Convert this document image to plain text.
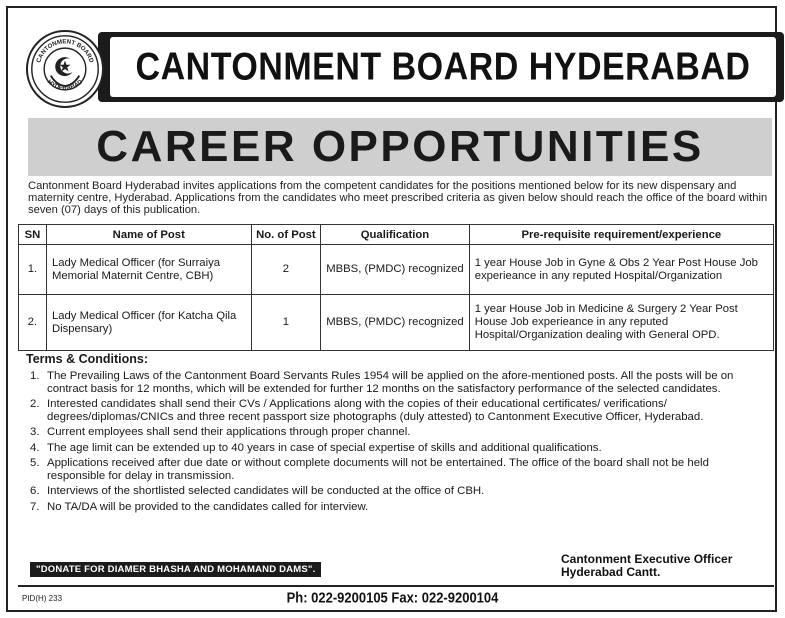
CANTONMENT BOARD
HYDERABAD CANTONMENT BOARD HYDERABAD
CAREER OPPORTUNITIES

Cantonment Board Hyderabad invites applications from the competent candidates for the positions mentioned below for its new dispensary and maternity centre, Hyderabad. Applications from the candidates who meet prescribed criteria as given below should reach the office of the board within seven (07) days of this publication.

SN	Name of Post	No. of Post	Qualification	Pre-requisite requirement/experience
1.	Lady Medical Officer (for Surraiya Memorial Maternit Centre, CBH)	2	MBBS, (PMDC) recognized	1 year House Job in Gyne & Obs 2 Year Post House Job experieance in any reputed Hospital/Organization
2.	Lady Medical Officer (for Katcha Qila Dispensary)	1	MBBS, (PMDC) recognized	1 year House Job in Medicine & Surgery 2 Year Post House Job experieance in any reputed Hospital/Organization dealing with General OPD.
Terms & Conditions:
1. The Prevailing Laws of the Cantonment Board Servants Rules 1954 will be applied on the afore-mentioned posts. All the posts will be on contract basis for 12 months, which will be extended for further 12 months on the satisfactory performance of the selected candidates.
2. Interested candidates shall send their CVs / Applications along with the copies of their educational certificates/ verifications/ degrees/diplomas/CNICs and three recent passport size photographs (duly attested) to Cantonment Executive Officer, Hyderabad.
3. Current employees shall send their applications through proper channel.
4. The age limit can be extended up to 40 years in case of special expertise of skills and additional qualifications.
5. Applications received after due date or without complete documents will not be entertained. The office of the board shall not be held responsible for delay in transmission.
6. Interviews of the shortlisted selected candidates will be conducted at the office of CBH.
7. No TA/DA will be provided to the candidates called for interview.
Cantonment Executive Officer
Hyderabad Cantt.
"DONATE FOR DIAMER BHASHA AND MOHAMAND DAMS".
PID(H) 233	Ph: 022-9200105 Fax: 022-9200104
